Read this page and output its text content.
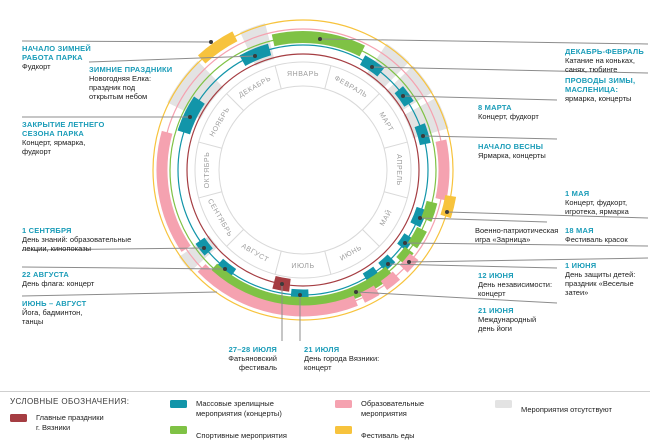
ЯНВАРЬ
ФЕВРАЛЬ
МАРТ
АПРЕЛЬ
МАЙ
ИЮНЬ
ИЮЛЬ
АВГУСТ
СЕНТЯБРЬ
ОКТЯБРЬ
НОЯБРЬ
ДЕКАБРЬ
НАЧАЛО ЗИМНЕЙ
РАБОТА ПАРКА
Фудкорт	ЗИМНИЕ ПРАЗДНИКИ
Новогодняя Елка:
праздник под
открытым небом
ЗАКРЫТИЕ ЛЕТНЕГО
СЕЗОНА ПАРКА
Концерт, ярмарка,
фудкорт
1 СЕНТЯБРЯ
День знаний: образовательные
лекции, кинопоказы
22 АВГУСТА
День флага: концерт
ИЮНЬ – АВГУСТ
Йога, бадминтон,
танцы
ДЕКАБРЬ-ФЕВРАЛЬ
Катание на коньках,
санях, тюбинге
ПРОВОДЫ ЗИМЫ,
МАСЛЕНИЦА:
ярмарка, концерты
8 МАРТА
Концерт, фудкорт
НАЧАЛО ВЕСНЫ
Ярмарка, концерты
1 МАЯ
Концерт, фудкорт,
игротека, ярмарка
Военно-патриотическая
игра «Зарница»
18 МАЯ
Фестиваль красок
1 ИЮНЯ
День защиты детей:
праздник «Веселые
затеи»
12 ИЮНЯ
День независимости:
концерт
21 ИЮНЯ
Международный
день йоги
27–28 ИЮЛЯ
Фатьяновский
фестиваль
21 ИЮЛЯ
День города Вязники:
концерт
УСЛОВНЫЕ ОБОЗНАЧЕНИЯ:
Главные праздники
г. Вязники
Массовые зрелищные
мероприятия (концерты)
Спортивные мероприятия
Образовательные
мероприятия
Фестиваль еды
Мероприятия отсутствуют
